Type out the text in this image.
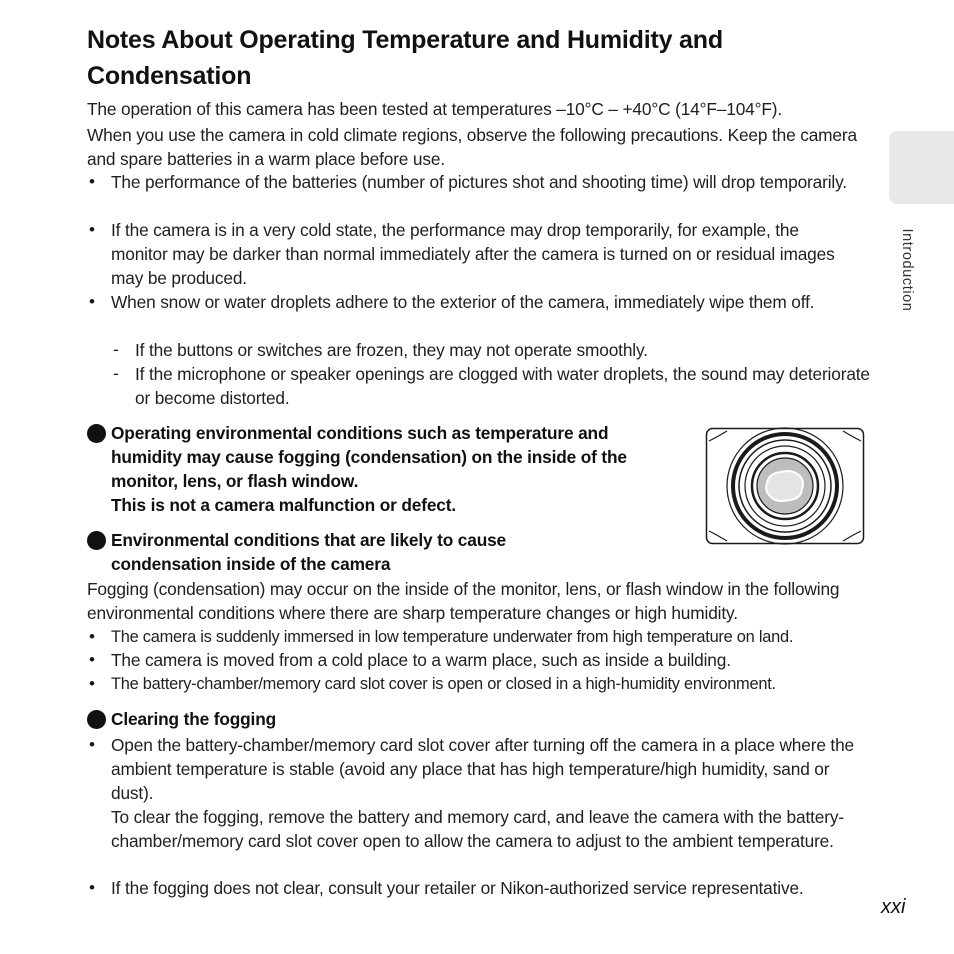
Notes About Operating Temperature and Humidity and Condensation

The operation of this camera has been tested at temperatures –10°C – +40°C (14°F–104°F).

When you use the camera in cold climate regions, observe the following precautions. Keep the camera and spare batteries in a warm place before use.

• The performance of the batteries (number of pictures shot and shooting time) will drop temporarily.
• If the camera is in a very cold state, the performance may drop temporarily, for example, the monitor may be darker than normal immediately after the camera is turned on or residual images may be produced.
• When snow or water droplets adhere to the exterior of the camera, immediately wipe them off.
- If the buttons or switches are frozen, they may not operate smoothly.
- If the microphone or speaker openings are clogged with water droplets, the sound may deteriorate or become distorted.
Operating environmental conditions such as temperature and humidity may cause fogging (condensation) on the inside of the monitor, lens, or flash window.
This is not a camera malfunction or defect.
Environmental conditions that are likely to cause condensation inside of the camera

Fogging (condensation) may occur on the inside of the monitor, lens, or flash window in the following environmental conditions where there are sharp temperature changes or high humidity.

• The camera is suddenly immersed in low temperature underwater from high temperature on land.
• The camera is moved from a cold place to a warm place, such as inside a building.
• The battery-chamber/memory card slot cover is open or closed in a high-humidity environment.
Clearing the fogging
• Open the battery-chamber/memory card slot cover after turning off the camera in a place where the ambient temperature is stable (avoid any place that has high temperature/high humidity, sand or dust).
To clear the fogging, remove the battery and memory card, and leave the camera with the battery-chamber/memory card slot cover open to allow the camera to adjust to the ambient temperature.
• If the fogging does not clear, consult your retailer or Nikon-authorized service representative.
Introduction
xxi
